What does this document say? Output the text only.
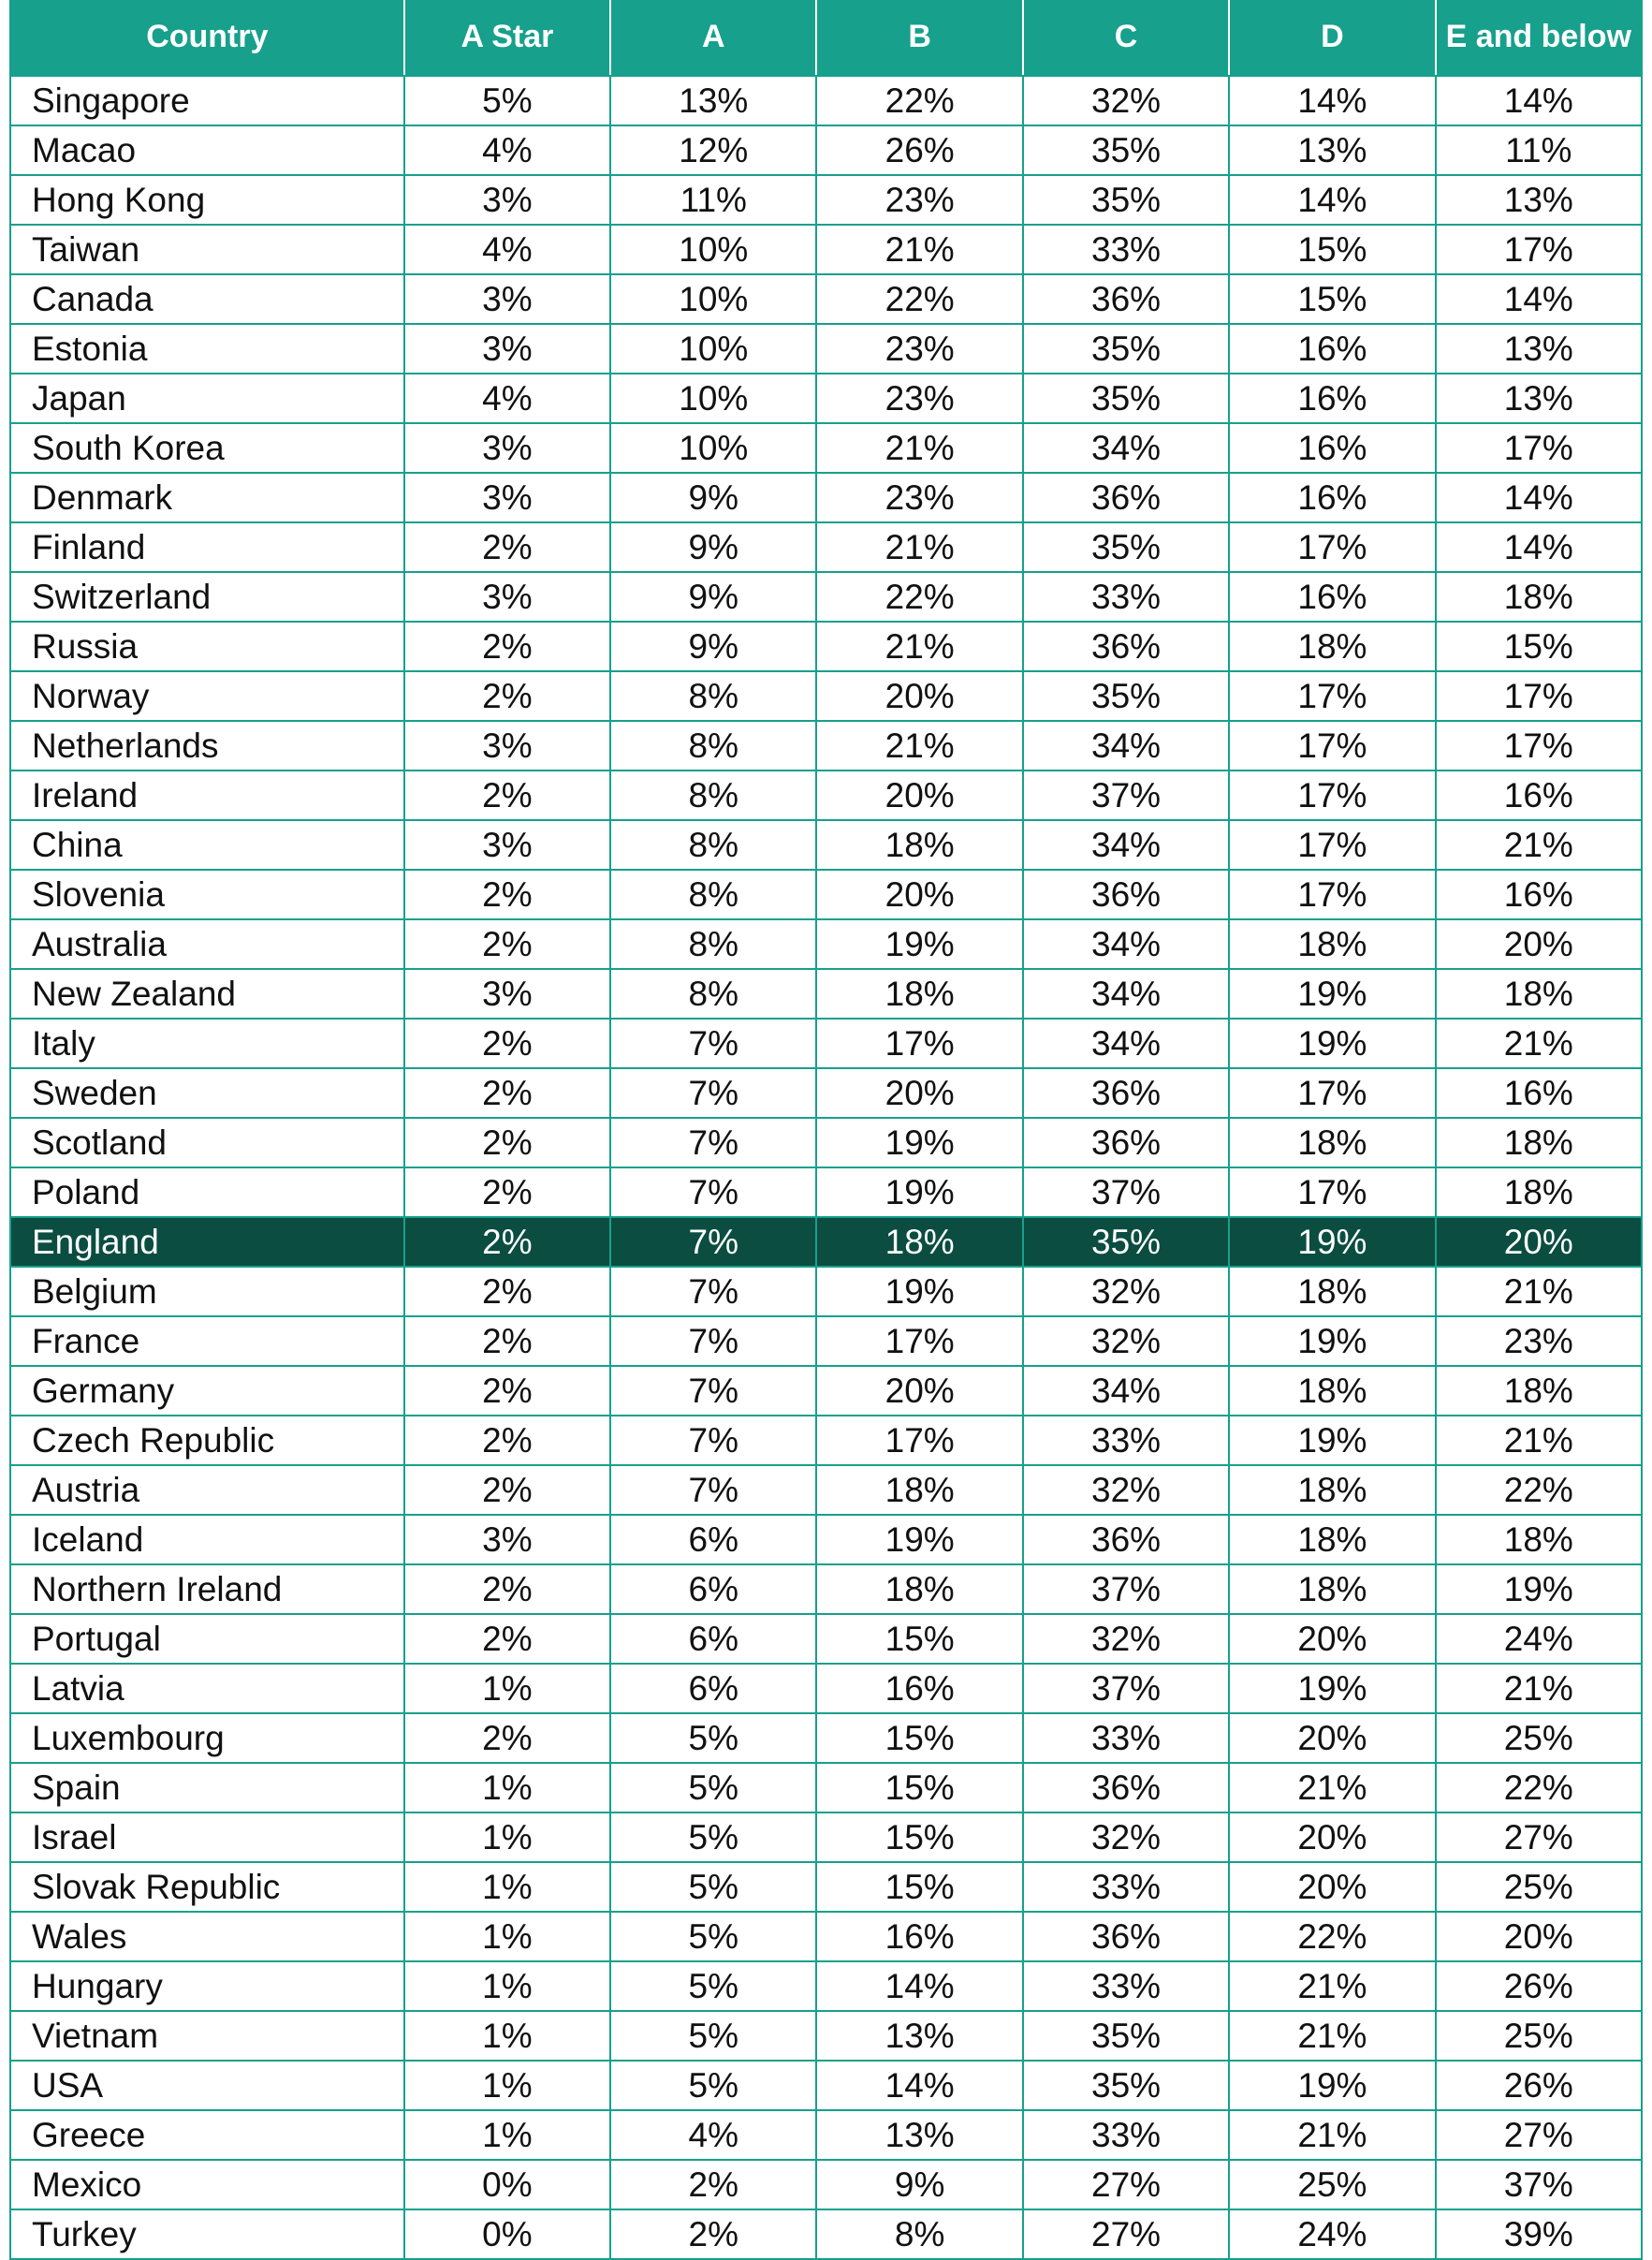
Country	A Star	A	B	C	D	E and below
Singapore	5%	13%	22%	32%	14%	14%
Macao	4%	12%	26%	35%	13%	11%
Hong Kong	3%	11%	23%	35%	14%	13%
Taiwan	4%	10%	21%	33%	15%	17%
Canada	3%	10%	22%	36%	15%	14%
Estonia	3%	10%	23%	35%	16%	13%
Japan	4%	10%	23%	35%	16%	13%
South Korea	3%	10%	21%	34%	16%	17%
Denmark	3%	9%	23%	36%	16%	14%
Finland	2%	9%	21%	35%	17%	14%
Switzerland	3%	9%	22%	33%	16%	18%
Russia	2%	9%	21%	36%	18%	15%
Norway	2%	8%	20%	35%	17%	17%
Netherlands	3%	8%	21%	34%	17%	17%
Ireland	2%	8%	20%	37%	17%	16%
China	3%	8%	18%	34%	17%	21%
Slovenia	2%	8%	20%	36%	17%	16%
Australia	2%	8%	19%	34%	18%	20%
New Zealand	3%	8%	18%	34%	19%	18%
Italy	2%	7%	17%	34%	19%	21%
Sweden	2%	7%	20%	36%	17%	16%
Scotland	2%	7%	19%	36%	18%	18%
Poland	2%	7%	19%	37%	17%	18%
England	2%	7%	18%	35%	19%	20%
Belgium	2%	7%	19%	32%	18%	21%
France	2%	7%	17%	32%	19%	23%
Germany	2%	7%	20%	34%	18%	18%
Czech Republic	2%	7%	17%	33%	19%	21%
Austria	2%	7%	18%	32%	18%	22%
Iceland	3%	6%	19%	36%	18%	18%
Northern Ireland	2%	6%	18%	37%	18%	19%
Portugal	2%	6%	15%	32%	20%	24%
Latvia	1%	6%	16%	37%	19%	21%
Luxembourg	2%	5%	15%	33%	20%	25%
Spain	1%	5%	15%	36%	21%	22%
Israel	1%	5%	15%	32%	20%	27%
Slovak Republic	1%	5%	15%	33%	20%	25%
Wales	1%	5%	16%	36%	22%	20%
Hungary	1%	5%	14%	33%	21%	26%
Vietnam	1%	5%	13%	35%	21%	25%
USA	1%	5%	14%	35%	19%	26%
Greece	1%	4%	13%	33%	21%	27%
Mexico	0%	2%	9%	27%	25%	37%
Turkey	0%	2%	8%	27%	24%	39%
